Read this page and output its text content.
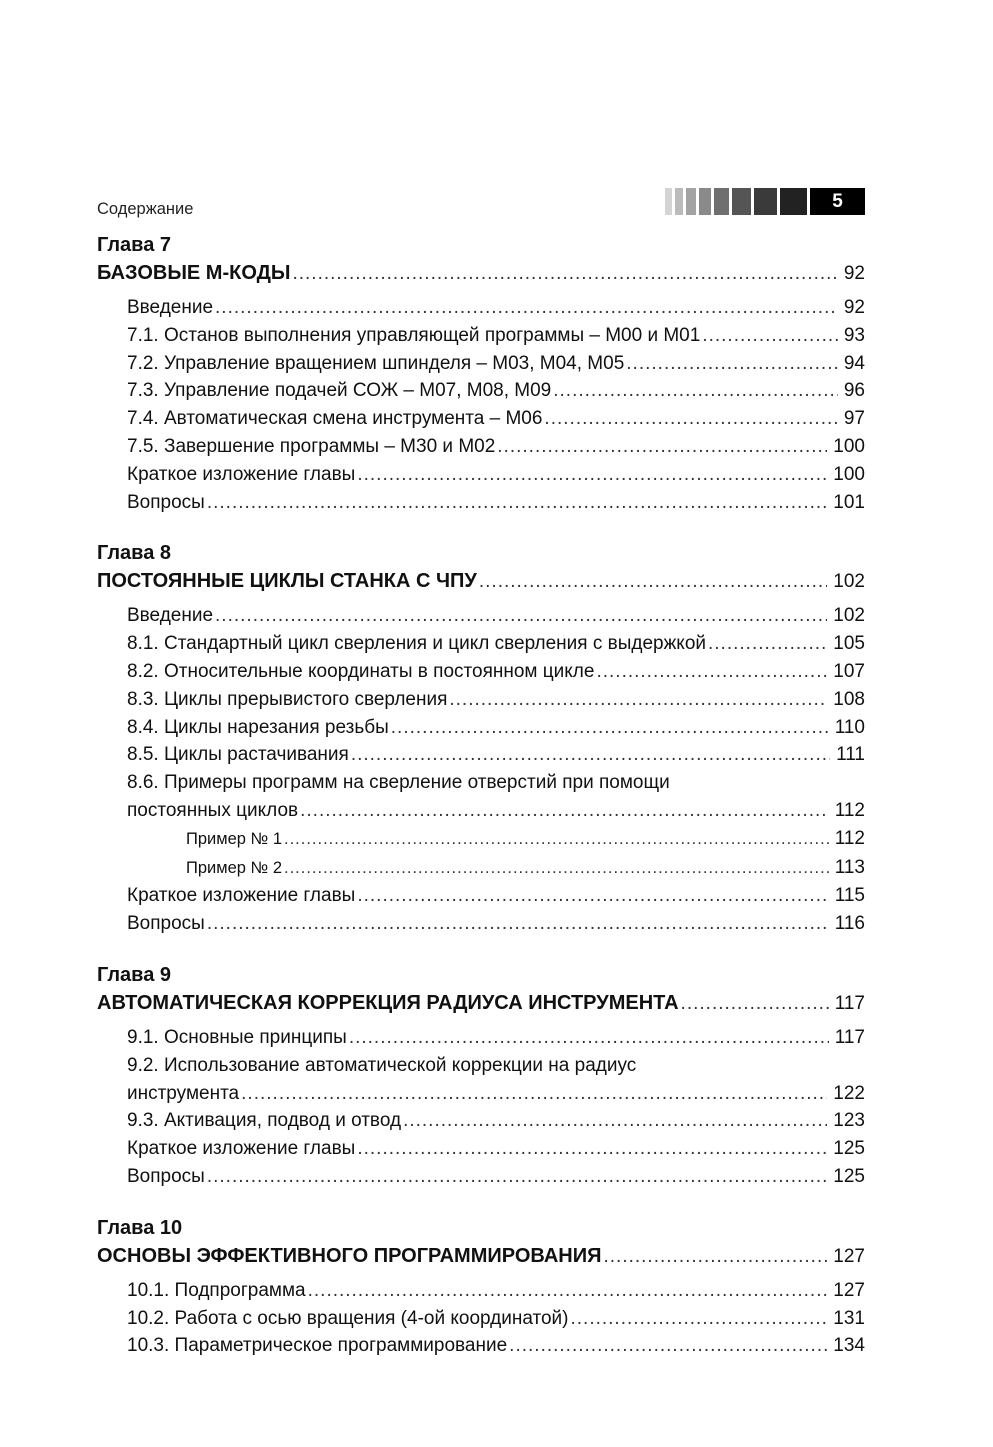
Содержание	5
Глава 7
БАЗОВЫЕ М-КОДЫ .....	92
Введение .....	92
7.1. Останов выполнения управляющей программы – М00 и М01 .....	93
7.2. Управление вращением шпинделя – М03, М04, М05 .....	94
7.3. Управление подачей СОЖ – М07, М08, М09 .....	96
7.4. Автоматическая смена инструмента – М06 .....	97
7.5. Завершение программы – М30 и М02 .....	100
Краткое изложение главы .....	100
Вопросы .....	101
Глава 8
ПОСТОЯННЫЕ ЦИКЛЫ СТАНКА С ЧПУ .....	102
Введение .....	102
8.1. Стандартный цикл сверления и цикл сверления с выдержкой .....	105
8.2. Относительные координаты в постоянном цикле .....	107
8.3. Циклы прерывистого сверления .....	108
8.4. Циклы нарезания резьбы .....	110
8.5. Циклы растачивания .....	111
8.6. Примеры программ на сверление отверстий при помощи
постоянных циклов .....	112
Пример № 1 .....	112
Пример № 2 .....	113
Краткое изложение главы .....	115
Вопросы .....	116
Глава 9
АВТОМАТИЧЕСКАЯ КОРРЕКЦИЯ РАДИУСА ИНСТРУМЕНТА .....	117
9.1. Основные принципы .....	117
9.2. Использование автоматической коррекции на радиус
инструмента .....	122
9.3. Активация, подвод и отвод .....	123
Краткое изложение главы .....	125
Вопросы .....	125
Глава 10
ОСНОВЫ ЭФФЕКТИВНОГО ПРОГРАММИРОВАНИЯ .....	127
10.1. Подпрограмма .....	127
10.2. Работа с осью вращения (4-ой координатой) .....	131
10.3. Параметрическое программирование .....	134
